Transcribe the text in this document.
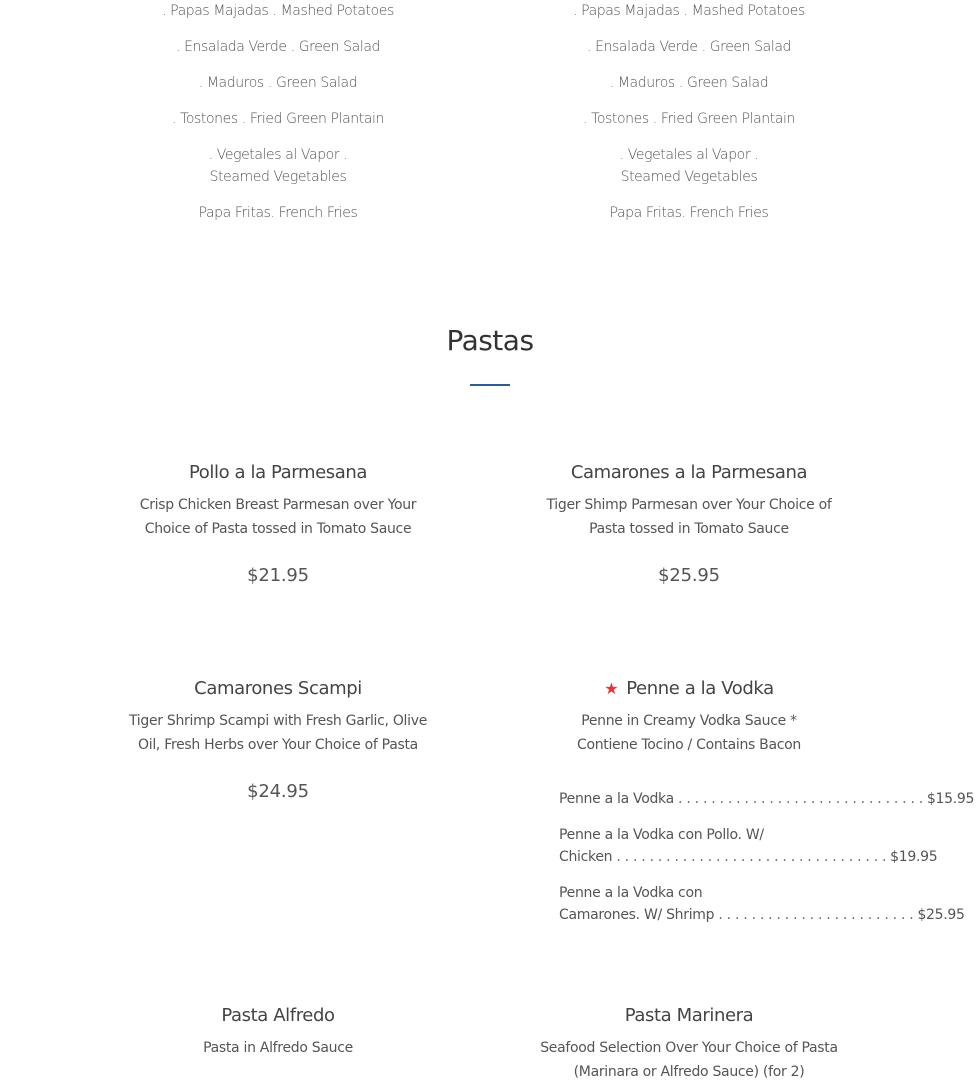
. Papas Majadas . Mashed Potatoes
. Ensalada Verde . Green Salad
. Maduros . Green Salad
. Tostones . Fried Green Plantain
. Vegetales al Vapor . Steamed Vegetables
Papa Fritas. French Fries
. Papas Majadas . Mashed Potatoes
. Ensalada Verde . Green Salad
. Maduros . Green Salad
. Tostones . Fried Green Plantain
. Vegetales al Vapor . Steamed Vegetables
Papa Fritas. French Fries
Pastas
Pollo a la Parmesana
Crisp Chicken Breast Parmesan over Your Choice of Pasta tossed in Tomato Sauce
$21.95
Camarones a la Parmesana
Tiger Shimp Parmesan over Your Choice of Pasta tossed in Tomato Sauce
$25.95
Camarones Scampi
Tiger Shrimp Scampi with Fresh Garlic, Olive Oil, Fresh Herbs over Your Choice of Pasta
$24.95
★ Penne a la Vodka
Penne in Creamy Vodka Sauce * Contiene Tocino / Contains Bacon
Penne a la Vodka . . . . . . . . . . . . . . . . . . . . . . . . . . . . . . $15.95
Penne a la Vodka con Pollo. W/
Chicken . . . . . . . . . . . . . . . . . . . . . . . . . . . . . . . . . $19.95
Penne a la Vodka con
Camarones. W/ Shrimp . . . . . . . . . . . . . . . . . . . . . . . . $25.95
Pasta Alfredo
Pasta in Alfredo Sauce
Pasta Marinera
Seafood Selection Over Your Choice of Pasta (Marinara or Alfredo Sauce) (for 2)
